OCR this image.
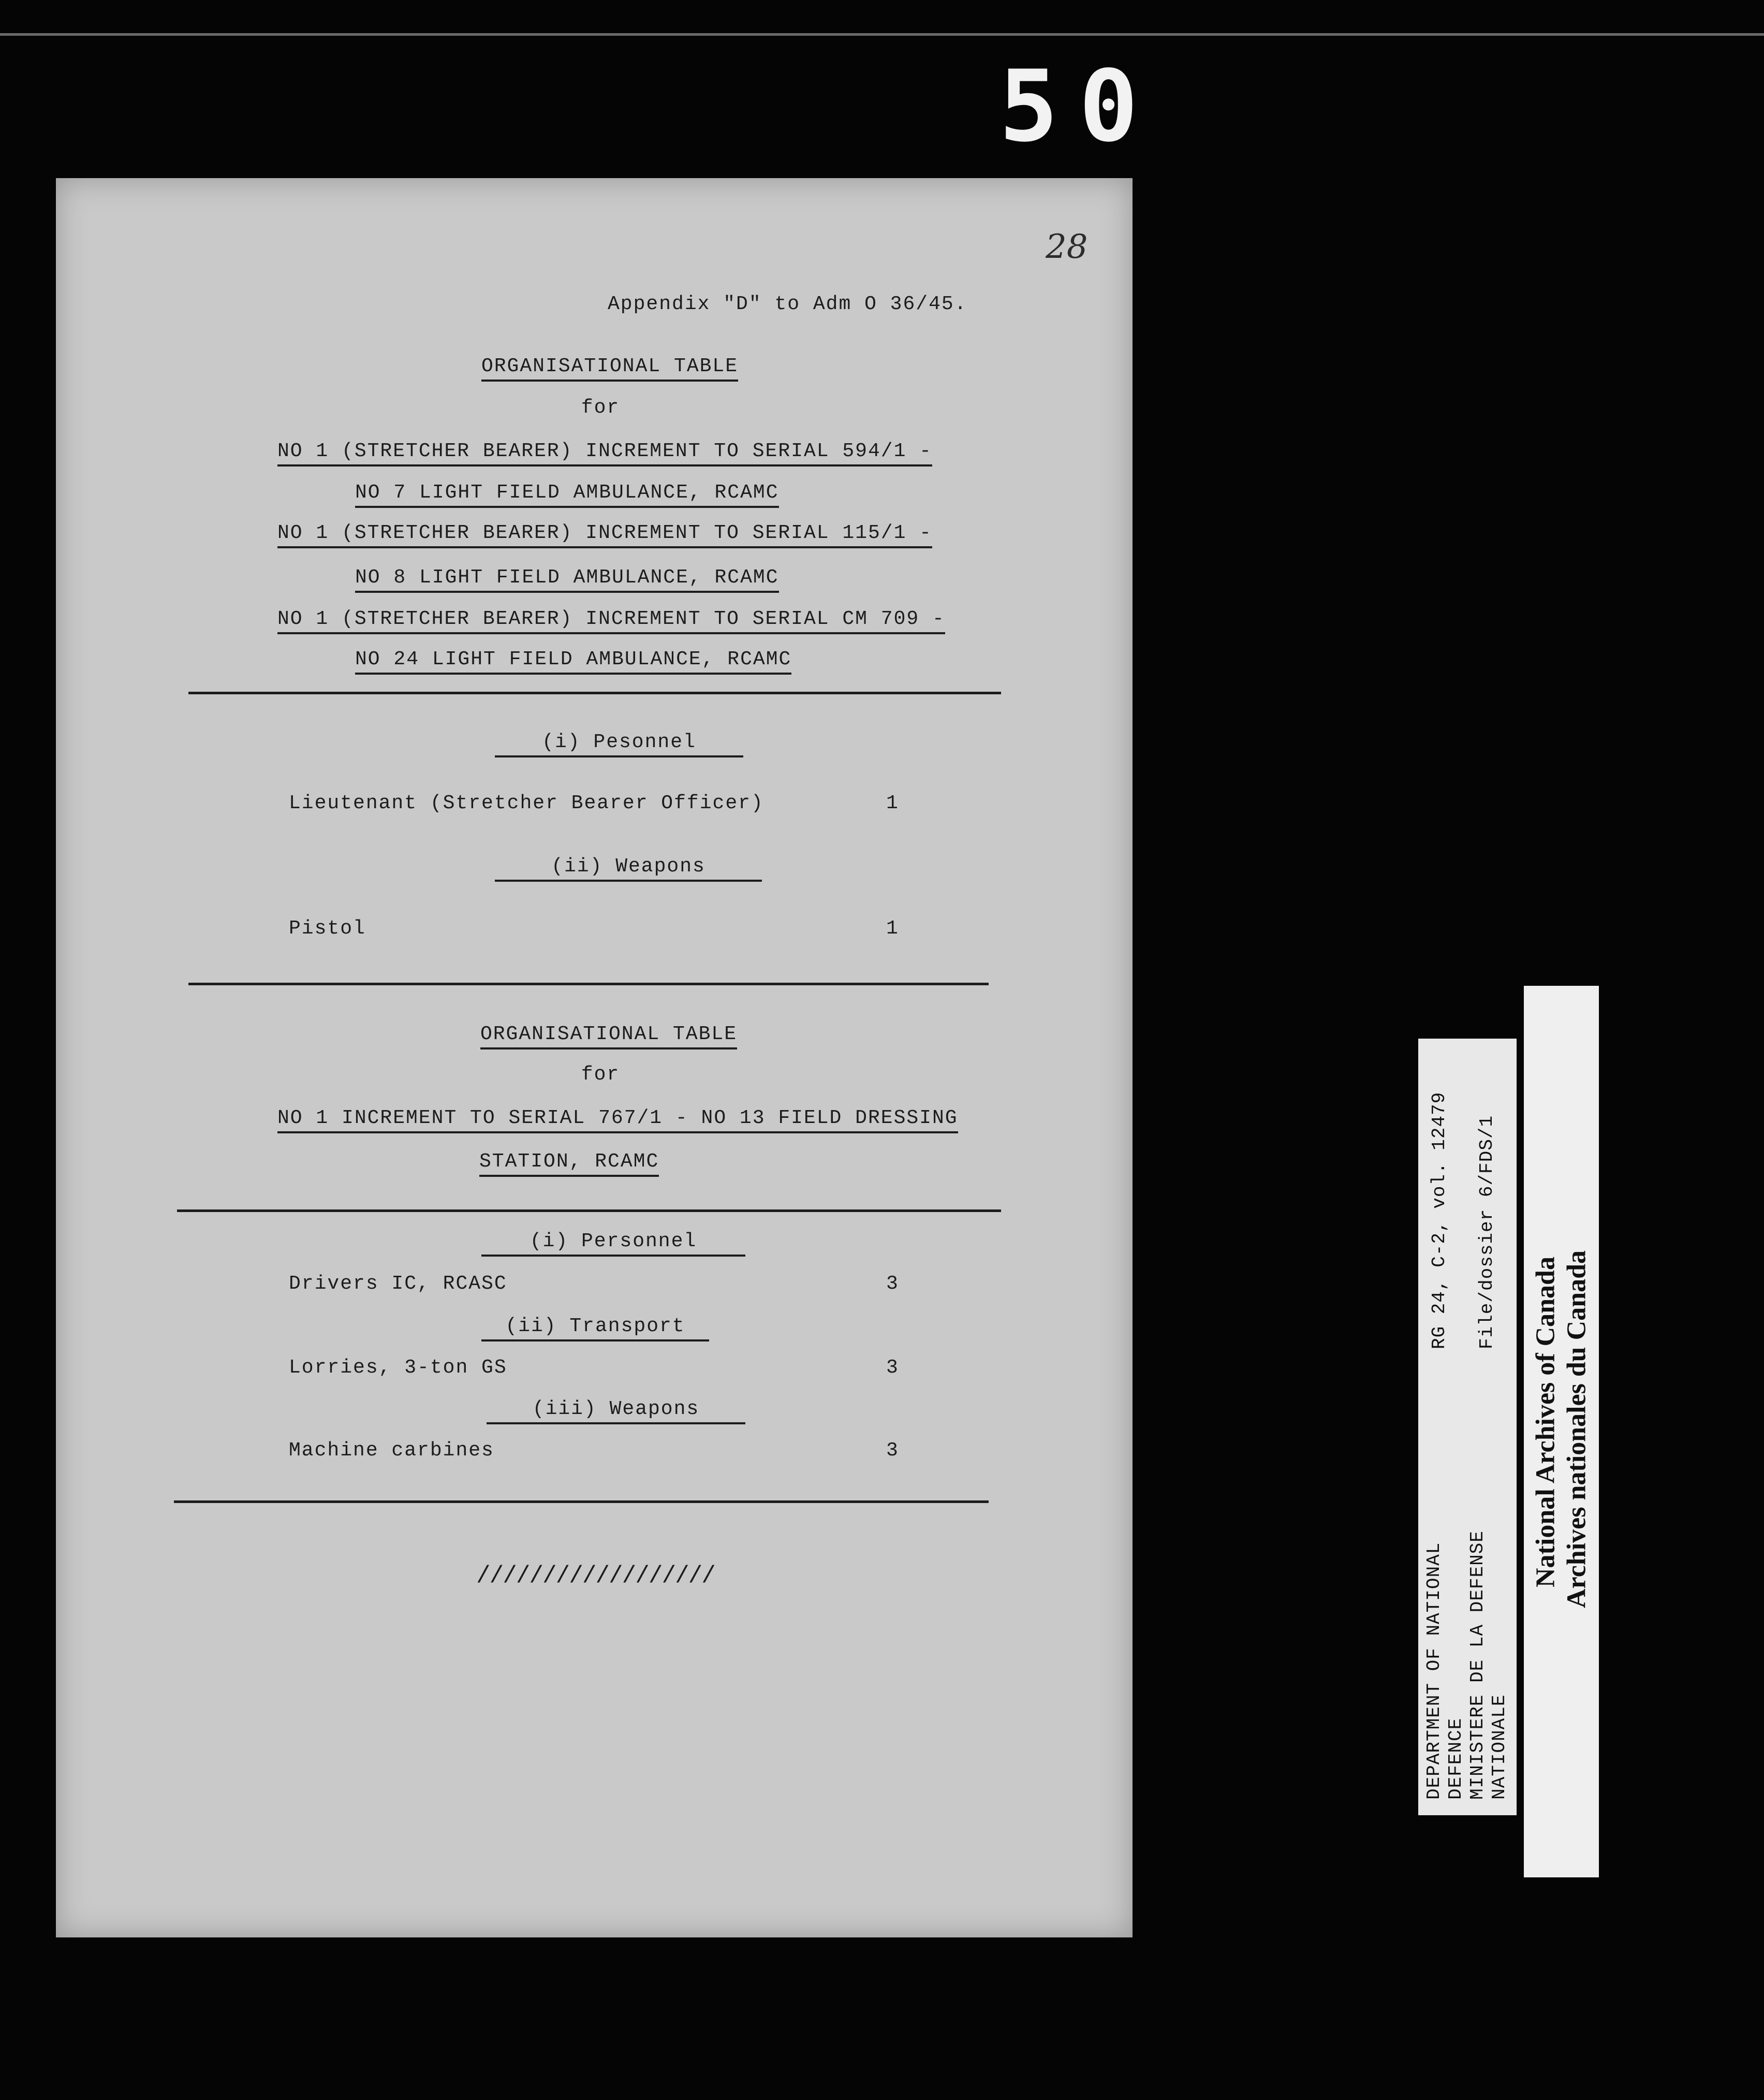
50
28
Appendix "D" to Adm O 36/45.
ORGANISATIONAL TABLE
for
NO 1 (STRETCHER BEARER) INCREMENT TO SERIAL 594/1 -
NO 7 LIGHT FIELD AMBULANCE, RCAMC
NO 1 (STRETCHER BEARER) INCREMENT TO SERIAL 115/1 -
NO 8 LIGHT FIELD AMBULANCE, RCAMC
NO 1 (STRETCHER BEARER) INCREMENT TO SERIAL CM 709 -
NO 24 LIGHT FIELD AMBULANCE, RCAMC
(i) Pesonnel
Lieutenant (Stretcher Bearer Officer)	1
(ii) Weapons
Pistol	1
ORGANISATIONAL TABLE
for
NO 1 INCREMENT TO SERIAL 767/1 - NO 13 FIELD DRESSING
STATION, RCAMC
(i) Personnel
Drivers IC, RCASC	3
(ii) Transport
Lorries, 3-ton GS	3
(iii) Weapons
Machine carbines	3
//////////////////	DEPARTMENT OF NATIONAL DEFENCE MINISTERE DE LA DEFENSE NATIONALE
RG 24, C-2, vol. 12479 File/dossier 6/FDS/1
National Archives of Canada Archives nationales du Canada
